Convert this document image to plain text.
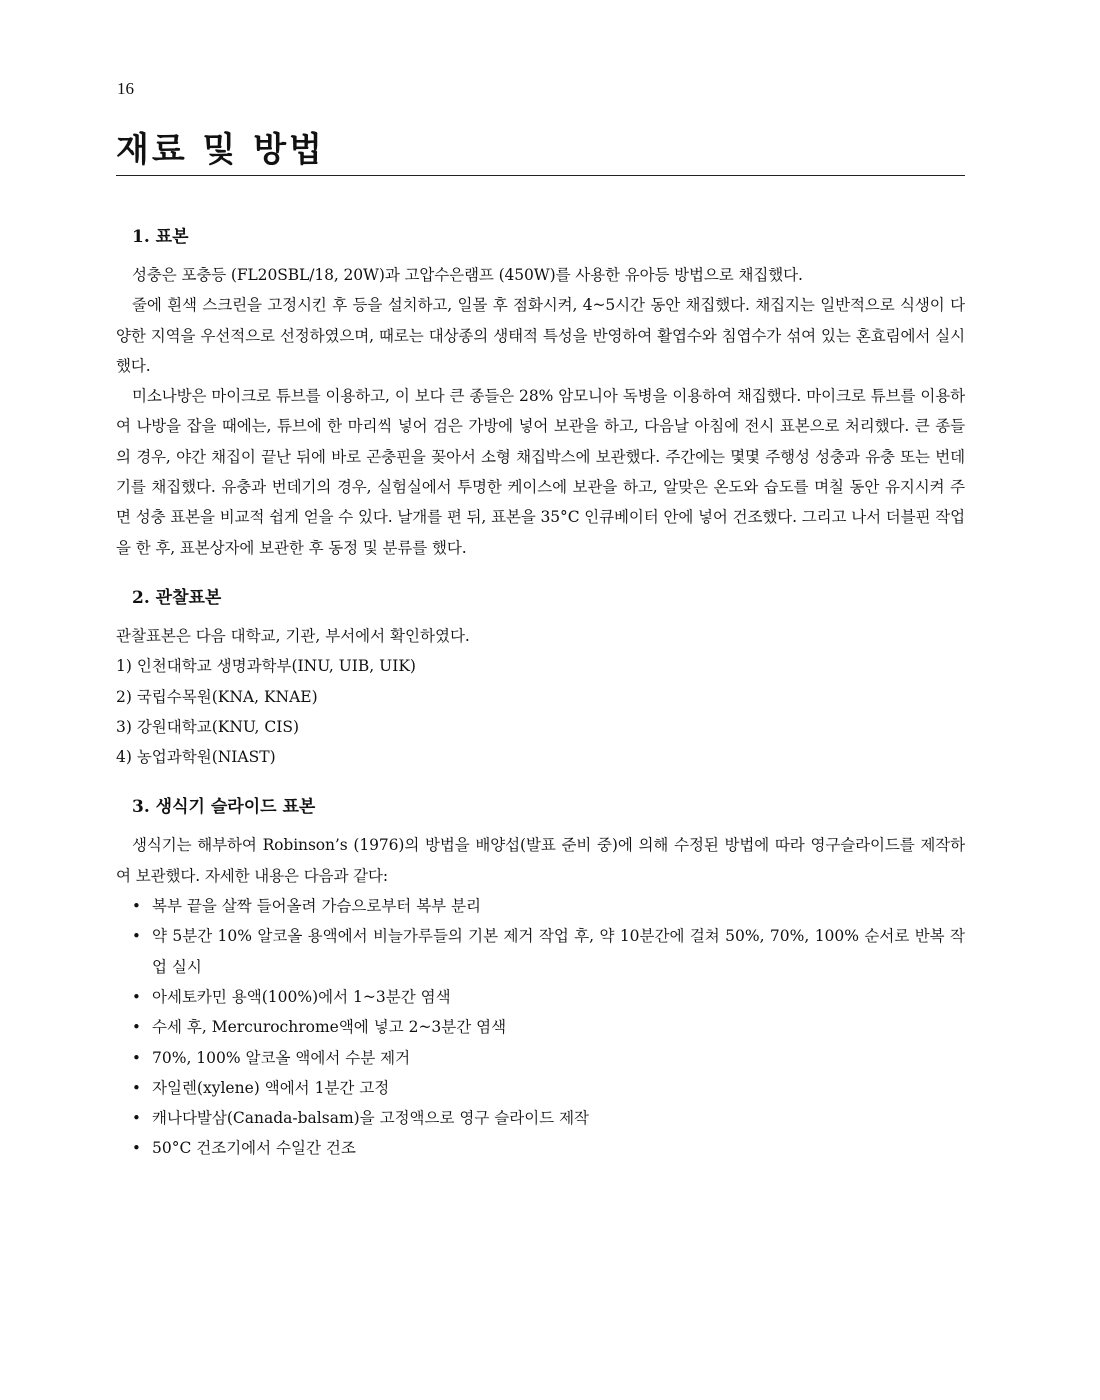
16
재료 및 방법
1. 표본

성충은 포충등 (FL20SBL/18, 20W)과 고압수은램프 (450W)를 사용한 유아등 방법으로 채집했다.

줄에 흰색 스크린을 고정시킨 후 등을 설치하고, 일몰 후 점화시켜, 4~5시간 동안 채집했다. 채집지는 일반적으로 식생이 다양한 지역을 우선적으로 선정하였으며, 때로는 대상종의 생태적 특성을 반영하여 활엽수와 침엽수가 섞여 있는 혼효림에서 실시했다.

미소나방은 마이크로 튜브를 이용하고, 이 보다 큰 종들은 28% 암모니아 독병을 이용하여 채집했다. 마이크로 튜브를 이용하여 나방을 잡을 때에는, 튜브에 한 마리씩 넣어 검은 가방에 넣어 보관을 하고, 다음날 아침에 전시 표본으로 처리했다. 큰 종들의 경우, 야간 채집이 끝난 뒤에 바로 곤충핀을 꽂아서 소형 채집박스에 보관했다. 주간에는 몇몇 주행성 성충과 유충 또는 번데기를 채집했다. 유충과 번데기의 경우, 실험실에서 투명한 케이스에 보관을 하고, 알맞은 온도와 습도를 며칠 동안 유지시켜 주면 성충 표본을 비교적 쉽게 얻을 수 있다. 날개를 편 뒤, 표본을 35°C 인큐베이터 안에 넣어 건조했다. 그리고 나서 더블핀 작업을 한 후, 표본상자에 보관한 후 동정 및 분류를 했다.

2. 관찰표본

관찰표본은 다음 대학교, 기관, 부서에서 확인하였다.

1) 인천대학교 생명과학부(INU, UIB, UIK)
2) 국립수목원(KNA, KNAE)
3) 강원대학교(KNU, CIS)
4) 농업과학원(NIAST)
3. 생식기 슬라이드 표본

생식기는 해부하여 Robinson’s (1976)의 방법을 배양섭(발표 준비 중)에 의해 수정된 방법에 따라 영구슬라이드를 제작하여 보관했다. 자세한 내용은 다음과 같다:

• 복부 끝을 살짝 들어올려 가슴으로부터 복부 분리
• 약 5분간 10% 알코올 용액에서 비늘가루들의 기본 제거 작업 후, 약 10분간에 걸쳐 50%, 70%, 100% 순서로 반복 작업 실시
• 아세토카민 용액(100%)에서 1~3분간 염색
• 수세 후, Mercurochrome액에 넣고 2~3분간 염색
• 70%, 100% 알코올 액에서 수분 제거
• 자일렌(xylene) 액에서 1분간 고정
• 캐나다발삼(Canada-balsam)을 고정액으로 영구 슬라이드 제작
• 50°C 건조기에서 수일간 건조
